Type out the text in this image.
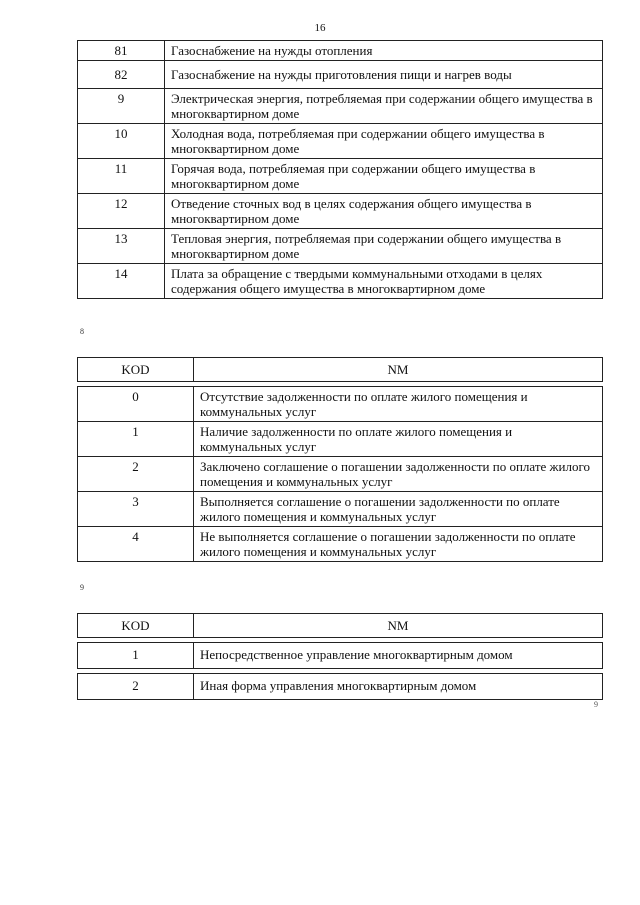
16
81	Газоснабжение на нужды отопления
82	Газоснабжение на нужды приготовления пищи и нагрев воды
9	Электрическая энергия, потребляемая при содержании общего имущества в многоквартирном доме
10	Холодная вода, потребляемая при содержании общего имущества в многоквартирном доме
11	Горячая вода, потребляемая при содержании общего имущества в многоквартирном доме
12	Отведение сточных вод в целях содержания общего имущества в многоквартирном доме
13	Тепловая энергия, потребляемая при содержании общего имущества в многоквартирном доме
14	Плата за обращение с твердыми коммунальными отходами в целях содержания общего имущества в многоквартирном доме
8
KOD	NM

0	Отсутствие задолженности по оплате жилого помещения и коммунальных услуг
1	Наличие задолженности по оплате жилого помещения и коммунальных услуг
2	Заключено соглашение о погашении задолженности по оплате жилого помещения и коммунальных услуг
3	Выполняется соглашение о погашении задолженности по оплате жилого помещения и коммунальных услуг
4	Не выполняется соглашение о погашении задолженности по оплате жилого помещения и коммунальных услуг
9
KOD	NM

1	Непосредственное управление многоквартирным домом

2	Иная форма управления многоквартирным домом
9
